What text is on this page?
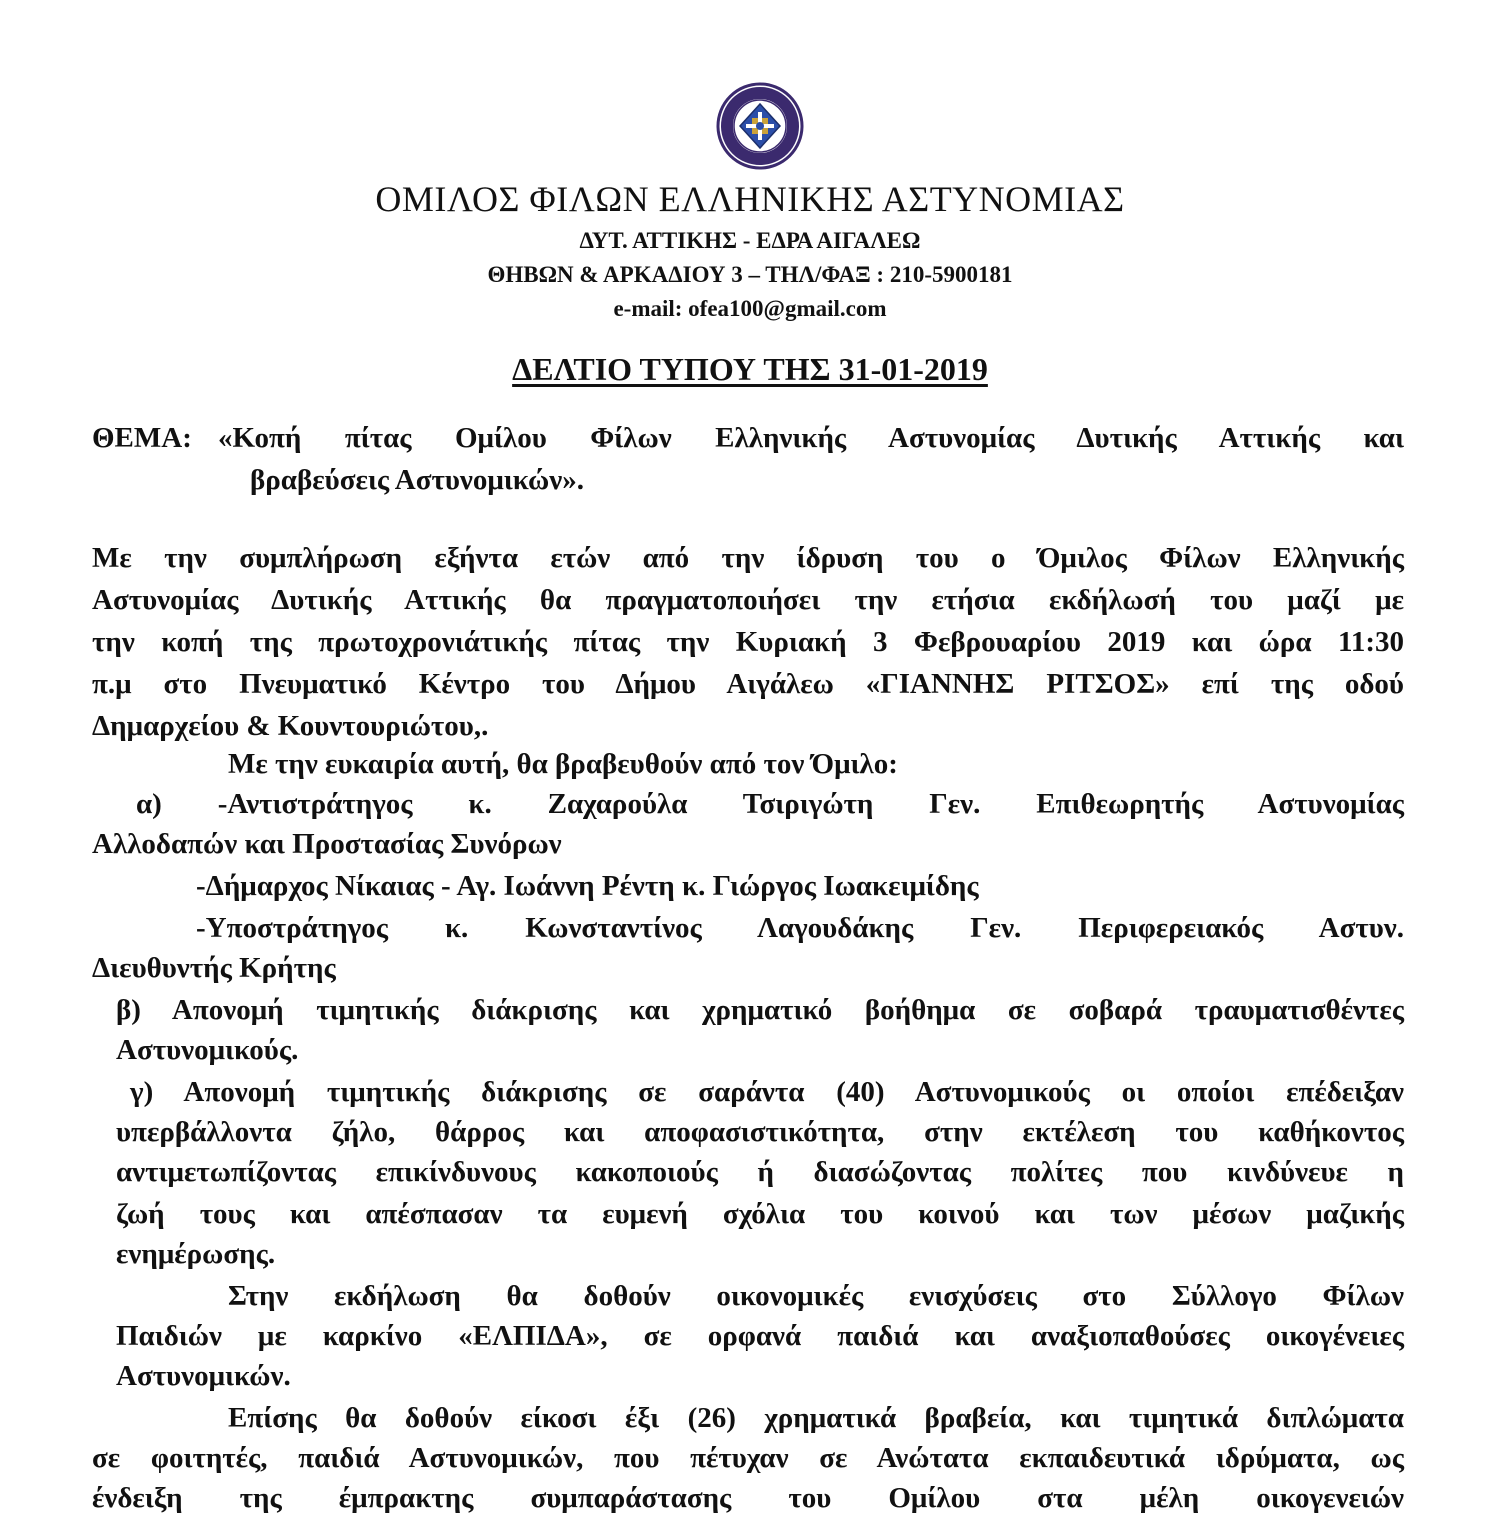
ΟΜΙΛΟΣ ΦΙΛΩΝ ΕΛΛΗΝΙΚΗΣ ΑΣΤΥΝΟΜΙΑΣ
ΔΥΤ. ΑΤΤΙΚΗΣ - ΕΔΡΑ ΑΙΓΑΛΕΩ
ΘΗΒΩΝ & ΑΡΚΑΔΙΟΥ 3 – ΤΗΛ/ΦΑΞ : 210-5900181
e-mail: ofea100@gmail.com
ΔΕΛΤΙΟ ΤΥΠΟΥ ΤΗΣ 31-01-2019
ΘΕΜΑ: «Κοπή πίτας Ομίλου Φίλων Ελληνικής Αστυνομίας Δυτικής Αττικής και
βραβεύσεις Αστυνομικών».
Με την συμπλήρωση εξήντα ετών από την ίδρυση του ο Όμιλος Φίλων Ελληνικής
Αστυνομίας Δυτικής Αττικής θα πραγματοποιήσει την ετήσια εκδήλωσή του μαζί με
την κοπή της πρωτοχρονιάτικής πίτας την Κυριακή 3 Φεβρουαρίου 2019 και ώρα 11:30
π.μ στο Πνευματικό Κέντρο του Δήμου Αιγάλεω «ΓΙΑΝΝΗΣ ΡΙΤΣΟΣ» επί της οδού
Δημαρχείου & Κουντουριώτου,.
Με την ευκαιρία αυτή, θα βραβευθούν από τον Όμιλο:
α) -Αντιστράτηγος κ. Ζαχαρούλα Τσιριγώτη Γεν. Επιθεωρητής Αστυνομίας
Αλλοδαπών και Προστασίας Συνόρων
-Δήμαρχος Νίκαιας - Αγ. Ιωάννη Ρέντη κ. Γιώργος Ιωακειμίδης
-Υποστράτηγος κ. Κωνσταντίνος Λαγουδάκης Γεν. Περιφερειακός Αστυν.
Διευθυντής Κρήτης
β) Απονομή τιμητικής διάκρισης και χρηματικό βοήθημα σε σοβαρά τραυματισθέντες
Αστυνομικούς.
γ) Απονομή τιμητικής διάκρισης σε σαράντα (40) Αστυνομικούς οι οποίοι επέδειξαν
υπερβάλλοντα ζήλο, θάρρος και αποφασιστικότητα, στην εκτέλεση του καθήκοντος
αντιμετωπίζοντας επικίνδυνους κακοποιούς ή διασώζοντας πολίτες που κινδύνευε η
ζωή τους και απέσπασαν τα ευμενή σχόλια του κοινού και των μέσων μαζικής
ενημέρωσης.
Στην εκδήλωση θα δοθούν οικονομικές ενισχύσεις στο Σύλλογο Φίλων
Παιδιών με καρκίνο «ΕΛΠΙΔΑ», σε ορφανά παιδιά και αναξιοπαθούσες οικογένειες
Αστυνομικών.
Επίσης θα δοθούν είκοσι έξι (26) χρηματικά βραβεία, και τιμητικά διπλώματα
σε φοιτητές, παιδιά Αστυνομικών, που πέτυχαν σε Ανώτατα εκπαιδευτικά ιδρύματα, ως
ένδειξη της έμπρακτης συμπαράστασης του Ομίλου στα μέλη οικογενειών
